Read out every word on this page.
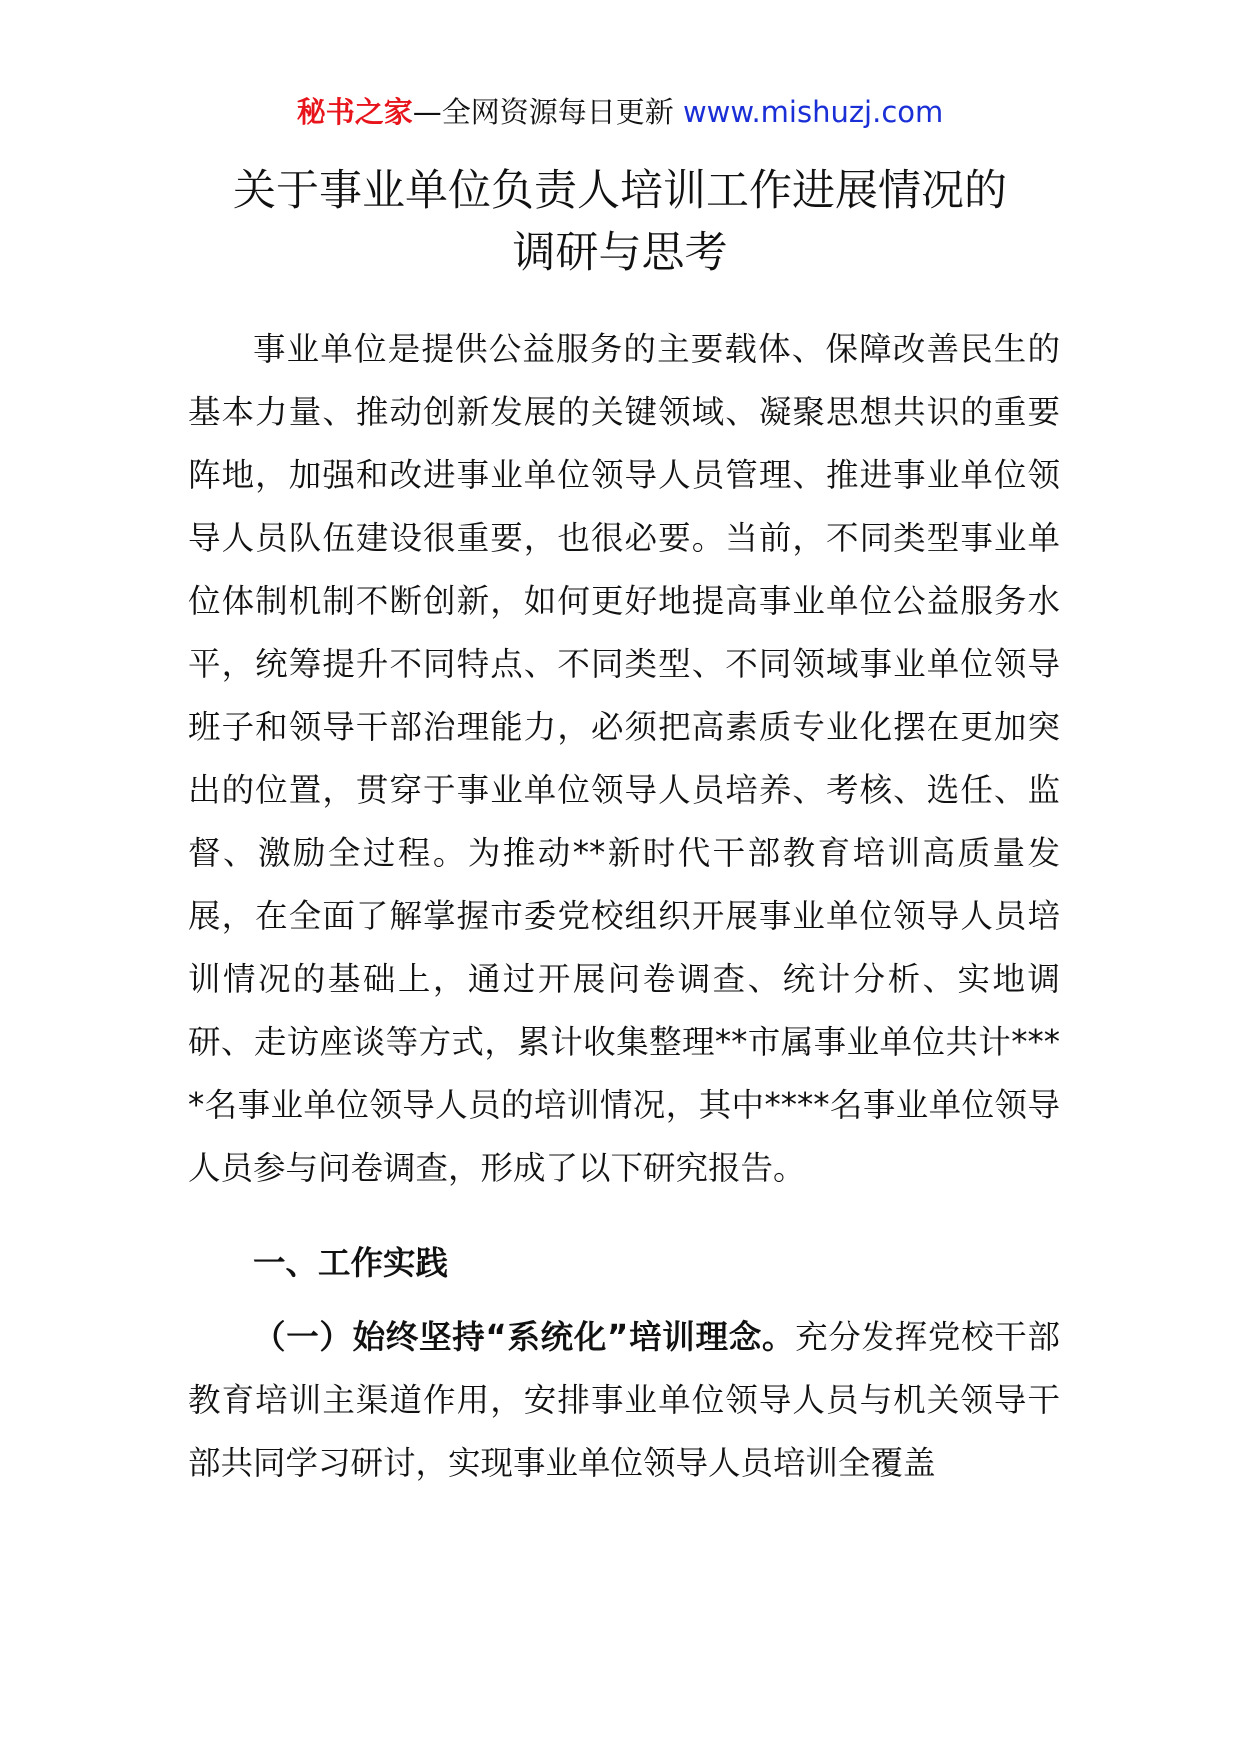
秘书之家—全网资源每日更新 www.mishuzj.com
关于事业单位负责人培训工作进展情况的
调研与思考

事业单位是提供公益服务的主要载体、保障改善民生的基本力量、推动创新发展的关键领域、凝聚思想共识的重要阵地，加强和改进事业单位领导人员管理、推进事业单位领导人员队伍建设很重要，也很必要。当前，不同类型事业单位体制机制不断创新，如何更好地提高事业单位公益服务水平，统筹提升不同特点、不同类型、不同领域事业单位领导班子和领导干部治理能力，必须把高素质专业化摆在更加突出的位置，贯穿于事业单位领导人员培养、考核、选任、监督、激励全过程。为推动**新时代干部教育培训高质量发展，在全面了解掌握市委党校组织开展事业单位领导人员培训情况的基础上，通过开展问卷调查、统计分析、实地调研、走访座谈等方式，累计收集整理**市属事业单位共计****名事业单位领导人员的培训情况，其中****名事业单位领导人员参与问卷调查，形成了以下研究报告。

一、工作实践

（一）始终坚持“系统化”培训理念。充分发挥党校干部教育培训主渠道作用，安排事业单位领导人员与机关领导干部共同学习研讨，实现事业单位领导人员培训全覆盖
